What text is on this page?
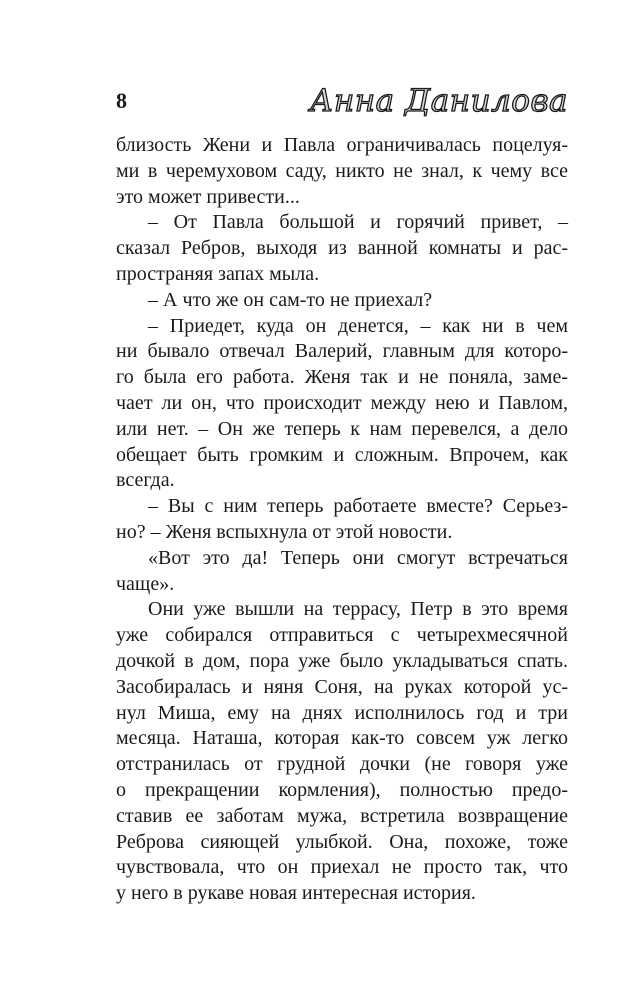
8	Анна Данилова
близость Жени и Павла ограничивалась поцелуя-
ми в черемуховом саду, никто не знал, к чему все
это может привести...
– От Павла большой и горячий привет, –
сказал Ребров, выходя из ванной комнаты и рас-
пространяя запах мыла.
– А что же он сам-то не приехал?
– Приедет, куда он денется, – как ни в чем
ни бывало отвечал Валерий, главным для которо-
го была его работа. Женя так и не поняла, заме-
чает ли он, что происходит между нею и Павлом,
или нет. – Он же теперь к нам перевелся, а дело
обещает быть громким и сложным. Впрочем, как
всегда.
– Вы с ним теперь работаете вместе? Серьез-
но? – Женя вспыхнула от этой новости.
«Вот это да! Теперь они смогут встречаться
чаще».
Они уже вышли на террасу, Петр в это время
уже собирался отправиться с четырехмесячной
дочкой в дом, пора уже было укладываться спать.
Засобиралась и няня Соня, на руках которой ус-
нул Миша, ему на днях исполнилось год и три
месяца. Наташа, которая как-то совсем уж легко
отстранилась от грудной дочки (не говоря уже
о прекращении кормления), полностью предо-
ставив ее заботам мужа, встретила возвращение
Реброва сияющей улыбкой. Она, похоже, тоже
чувствовала, что он приехал не просто так, что
у него в рукаве новая интересная история.
